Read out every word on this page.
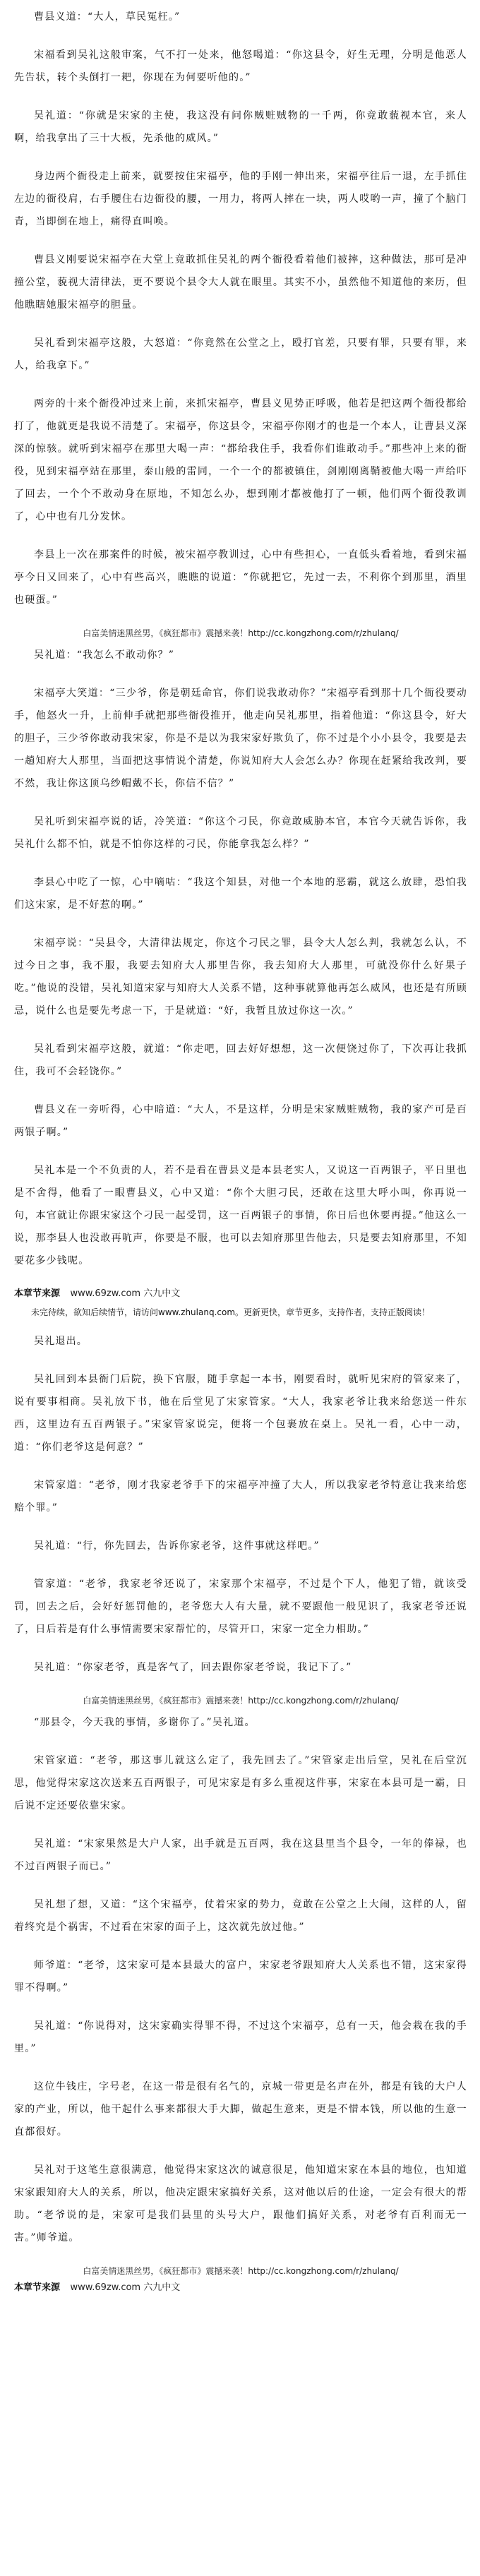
曹县义道：“大人，草民冤枉。”

宋福看到吴礼这般审案，气不打一处来，他怒喝道：“你这县令，好生无理，分明是他恶人先告状，转个头倒打一耙，你现在为何要听他的。”

吴礼道：“你就是宋家的主使，我这没有问你贼赃贼物的一千两，你竟敢藐视本官，来人啊，给我拿出了三十大板，先杀他的威风。”

身边两个衙役走上前来，就要按住宋福亭，他的手刚一伸出来，宋福亭往后一退，左手抓住左边的衙役肩，右手腰住右边衙役的腰，一用力，将两人摔在一块，两人哎哟一声，撞了个脑门青，当即倒在地上，痛得直叫唤。

曹县义刚要说宋福亭在大堂上竟敢抓住吴礼的两个衙役看着他们被摔，这种做法，那可是冲撞公堂，藐视大清律法，更不要说个县令大人就在眼里。其实不小，虽然他不知道他的来历，但他瞧瞎她服宋福亭的胆量。

吴礼看到宋福亭这般，大怒道：“你竟然在公堂之上，殴打官差，只要有罪，只要有罪，来人，给我拿下。”

两旁的十来个衙役冲过来上前，来抓宋福亭，曹县义见势正呼吸，他若是把这两个衙役都给打了，他就更是我说不清楚了。宋福亭，你这县令，宋福亭你刚才的也是一个本人，让曹县义深深的惊骇。就听到宋福亭在那里大喝一声：“都给我住手，我看你们谁敢动手。”那些冲上来的衙役，见到宋福亭站在那里，泰山般的雷同，一个一个的都被镇住，剑刚刚离鞘被他大喝一声给吓了回去，一个个不敢动身在原地，不知怎么办，想到刚才都被他打了一顿，他们两个衙役教训了，心中也有几分发怵。

李县上一次在那案件的时候，被宋福亭教训过，心中有些担心，一直低头看着地，看到宋福亭今日又回来了，心中有些高兴，瞧瞧的说道：“你就把它，先过一去，不利你个到那里，酒里也硬蛋。”

白富美情迷黑丝男，《疯狂都市》震撼来袭！http://cc.kongzhong.com/r/zhulanq/

吴礼道：“我怎么不敢动你？”

宋福亭大笑道：“三少爷，你是朝廷命官，你们说我敢动你？”宋福亭看到那十几个衙役要动手，他怒火一升，上前伸手就把那些衙役推开，他走向吴礼那里，指着他道：“你这县令，好大的胆子，三少爷你敢动我宋家，你是不是以为我宋家好欺负了，你不过是个小小县令，我要是去一趟知府大人那里，当面把这事情说个清楚，你说知府大人会怎么办？你现在赶紧给我改判，要不然，我让你这顶乌纱帽戴不长，你信不信？”

吴礼听到宋福亭说的话，冷笑道：“你这个刁民，你竟敢威胁本官，本官今天就告诉你，我吴礼什么都不怕，就是不怕你这样的刁民，你能拿我怎么样？”

李县心中吃了一惊，心中嘀咕：“我这个知县，对他一个本地的恶霸，就这么放肆，恐怕我们这宋家，是不好惹的啊。”

宋福亭说：“吴县令，大清律法规定，你这个刁民之罪，县令大人怎么判，我就怎么认，不过今日之事，我不服，我要去知府大人那里告你，我去知府大人那里，可就没你什么好果子吃。”他说的没错，吴礼知道宋家与知府大人关系不错，这种事就算他再怎么威风，也还是有所顾忌，说什么也是要先考虑一下，于是就道：“好，我暂且放过你这一次。”

吴礼看到宋福亭这般，就道：“你走吧，回去好好想想，这一次便饶过你了，下次再让我抓住，我可不会轻饶你。”

曹县义在一旁听得，心中暗道：“大人，不是这样，分明是宋家贼赃贼物，我的家产可是百两银子啊。”

吴礼本是一个不负责的人，若不是看在曹县义是本县老实人，又说这一百两银子，平日里也是不舍得，他看了一眼曹县义，心中又道：“你个大胆刁民，还敢在这里大呼小叫，你再说一句，本官就让你跟宋家这个刁民一起受罚，这一百两银子的事情，你日后也休要再提。”他这么一说，那李县人也没敢再吭声，你要是不服，也可以去知府那里告他去，只是要去知府那里，不知要花多少钱呢。

本章节来源 www.69zw.com 六九中文
未完待续，欲知后续情节，请访问www.zhulanq.com。更新更快，章节更多，支持作者，支持正版阅读！

吴礼退出。

吴礼回到本县衙门后院，换下官服，随手拿起一本书，刚要看时，就听见宋府的管家来了，说有要事相商。吴礼放下书，他在后堂见了宋家管家。“大人，我家老爷让我来给您送一件东西，这里边有五百两银子。”宋家管家说完，便将一个包裹放在桌上。吴礼一看，心中一动，道：“你们老爷这是何意？”

宋管家道：“老爷，刚才我家老爷手下的宋福亭冲撞了大人，所以我家老爷特意让我来给您赔个罪。”

吴礼道：“行，你先回去，告诉你家老爷，这件事就这样吧。”

管家道：“老爷，我家老爷还说了，宋家那个宋福亭，不过是个下人，他犯了错，就该受罚，回去之后，会好好惩罚他的，老爷您大人有大量，就不要跟他一般见识了，我家老爷还说了，日后若是有什么事情需要宋家帮忙的，尽管开口，宋家一定全力相助。”

吴礼道：“你家老爷，真是客气了，回去跟你家老爷说，我记下了。”

白富美情迷黑丝男，《疯狂都市》震撼来袭！http://cc.kongzhong.com/r/zhulanq/

“那县令，今天我的事情，多谢你了。”吴礼道。

宋管家道：“老爷，那这事儿就这么定了，我先回去了。”宋管家走出后堂，吴礼在后堂沉思，他觉得宋家这次送来五百两银子，可见宋家是有多么重视这件事，宋家在本县可是一霸，日后说不定还要依靠宋家。

吴礼道：“宋家果然是大户人家，出手就是五百两，我在这县里当个县令，一年的俸禄，也不过百两银子而已。”

吴礼想了想，又道：“这个宋福亭，仗着宋家的势力，竟敢在公堂之上大闹，这样的人，留着终究是个祸害，不过看在宋家的面子上，这次就先放过他。”

师爷道：“老爷，这宋家可是本县最大的富户，宋家老爷跟知府大人关系也不错，这宋家得罪不得啊。”

吴礼道：“你说得对，这宋家确实得罪不得，不过这个宋福亭，总有一天，他会栽在我的手里。”

这位牛钱庄，字号老，在这一带是很有名气的，京城一带更是名声在外，都是有钱的大户人家的产业，所以，他干起什么事来都很大手大脚，做起生意来，更是不惜本钱，所以他的生意一直都很好。

吴礼对于这笔生意很满意，他觉得宋家这次的诚意很足，他知道宋家在本县的地位，也知道宋家跟知府大人的关系，所以，他决定跟宋家搞好关系，这对他以后的仕途，一定会有很大的帮助。“老爷说的是，宋家可是我们县里的头号大户，跟他们搞好关系，对老爷有百利而无一害。”师爷道。

白富美情迷黑丝男，《疯狂都市》震撼来袭！http://cc.kongzhong.com/r/zhulanq/
本章节来源 www.69zw.com 六九中文
